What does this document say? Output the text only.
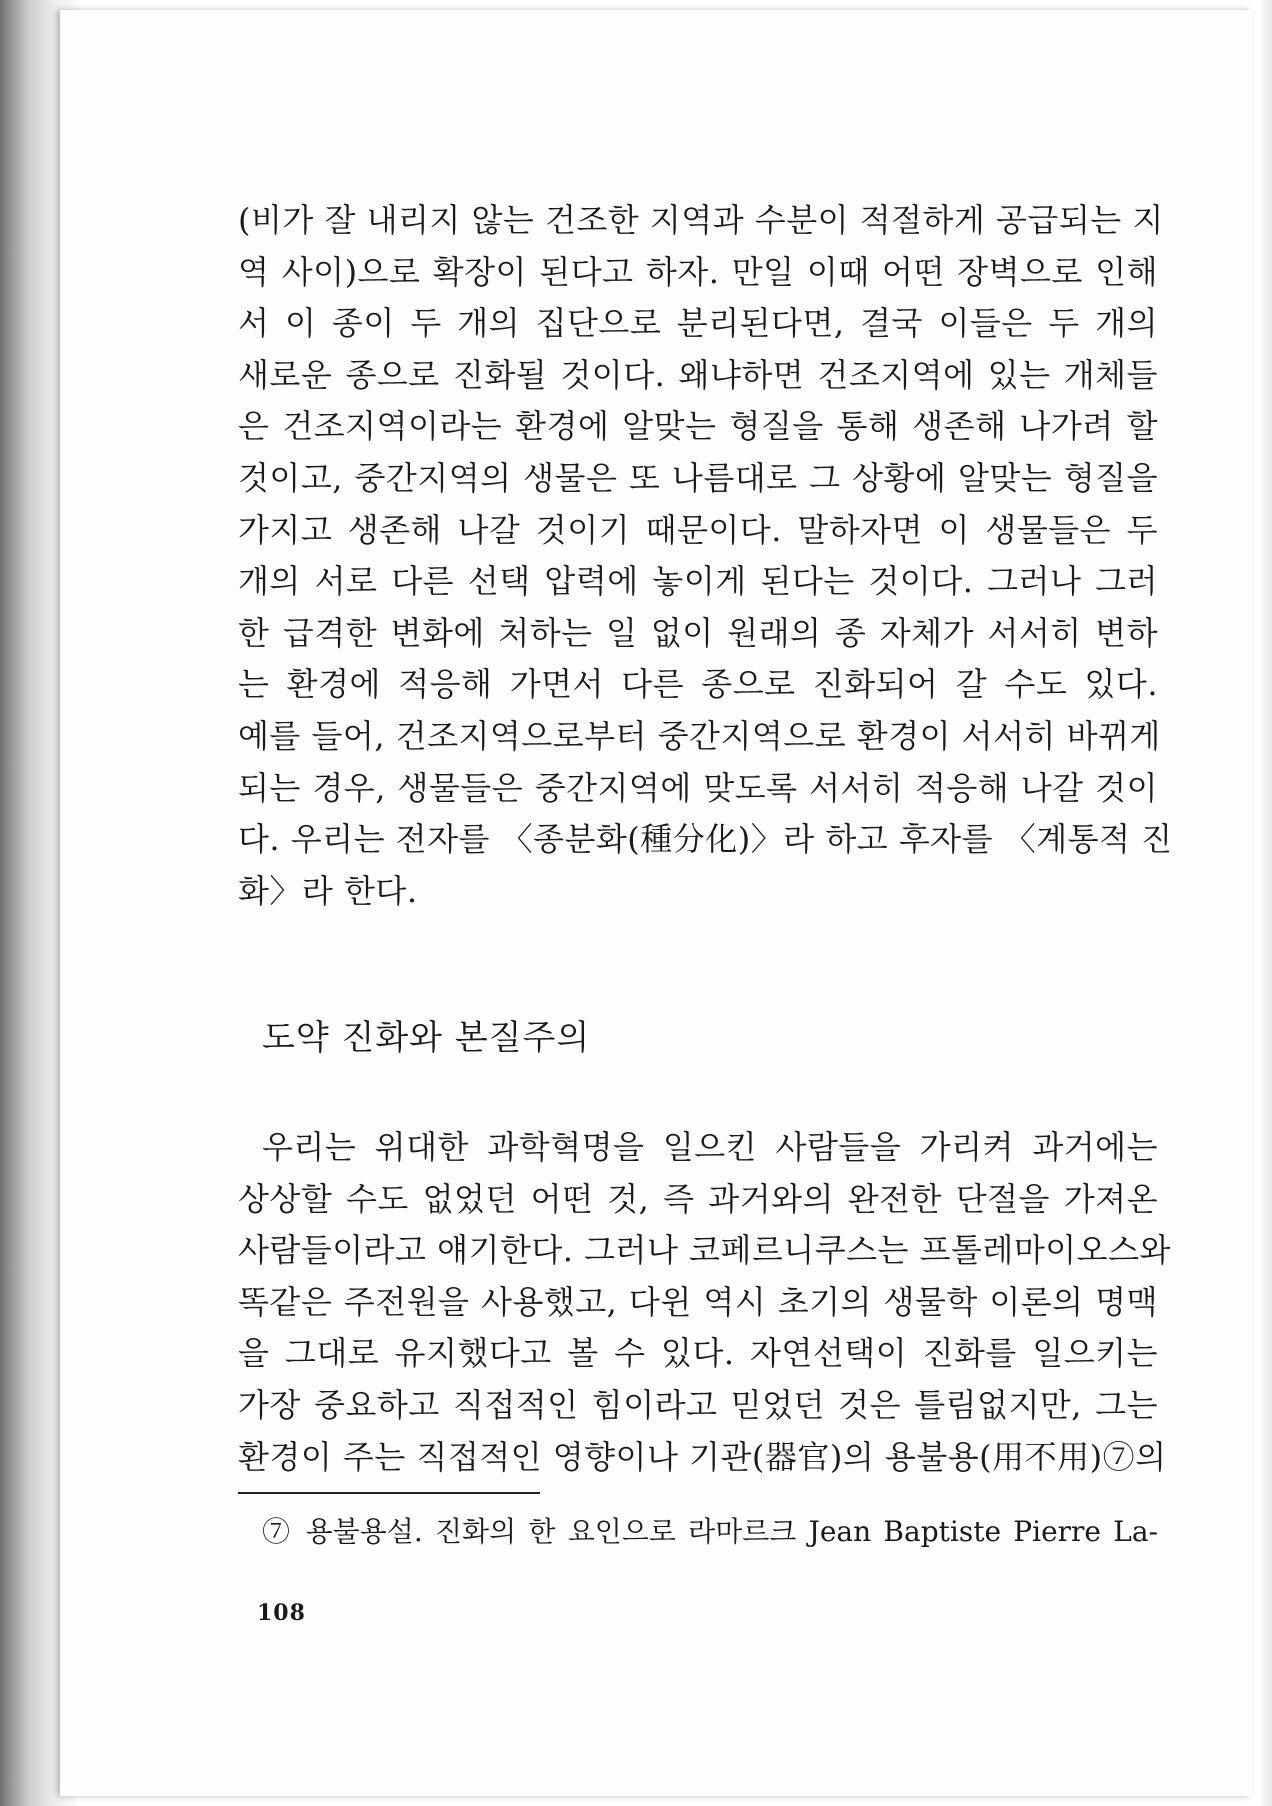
(비가 잘 내리지 않는 건조한 지역과 수분이 적절하게 공급되는 지
역 사이)으로 확장이 된다고 하자. 만일 이때 어떤 장벽으로 인해
서 이 종이 두 개의 집단으로 분리된다면, 결국 이들은 두 개의
새로운 종으로 진화될 것이다. 왜냐하면 건조지역에 있는 개체들
은 건조지역이라는 환경에 알맞는 형질을 통해 생존해 나가려 할
것이고, 중간지역의 생물은 또 나름대로 그 상황에 알맞는 형질을
가지고 생존해 나갈 것이기 때문이다. 말하자면 이 생물들은 두
개의 서로 다른 선택 압력에 놓이게 된다는 것이다. 그러나 그러
한 급격한 변화에 처하는 일 없이 원래의 종 자체가 서서히 변하
는 환경에 적응해 가면서 다른 종으로 진화되어 갈 수도 있다.
예를 들어, 건조지역으로부터 중간지역으로 환경이 서서히 바뀌게
되는 경우, 생물들은 중간지역에 맞도록 서서히 적응해 나갈 것이
다. 우리는 전자를 〈종분화(種分化)〉라 하고 후자를 〈계통적 진
화〉라 한다.
도약 진화와 본질주의
우리는 위대한 과학혁명을 일으킨 사람들을 가리켜 과거에는
상상할 수도 없었던 어떤 것, 즉 과거와의 완전한 단절을 가져온
사람들이라고 얘기한다. 그러나 코페르니쿠스는 프톨레마이오스와
똑같은 주전원을 사용했고, 다윈 역시 초기의 생물학 이론의 명맥
을 그대로 유지했다고 볼 수 있다. 자연선택이 진화를 일으키는
가장 중요하고 직접적인 힘이라고 믿었던 것은 틀림없지만, 그는
환경이 주는 직접적인 영향이나 기관(器官)의 용불용(用不用)⑦의
⑦ 용불용설. 진화의 한 요인으로 라마르크 Jean Baptiste Pierre La-
108
